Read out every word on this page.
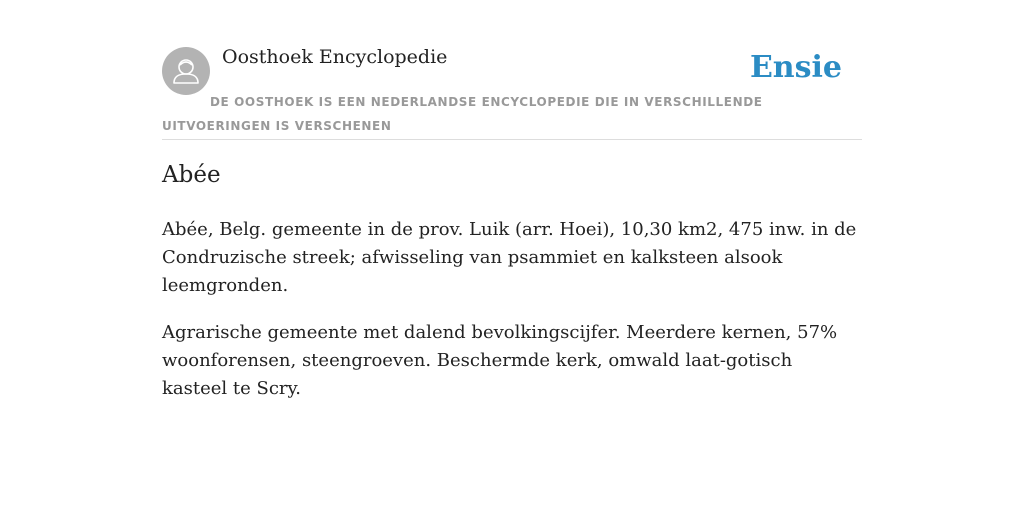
Oosthoek Encyclopedie	Ensie
DE OOSTHOEK IS EEN NEDERLANDSE ENCYCLOPEDIE DIE IN VERSCHILLENDE UITVOERINGEN IS VERSCHENEN
Abée

Abée, Belg. gemeente in de prov. Luik (arr. Hoei), 10,30 km2, 475 inw. in de Condruzische streek; afwisseling van psammiet en kalksteen alsook leemgronden.

Agrarische gemeente met dalend bevolkingscijfer. Meerdere kernen, 57% woonforensen, steengroeven. Beschermde kerk, omwald laat-gotisch kasteel te Scry.
